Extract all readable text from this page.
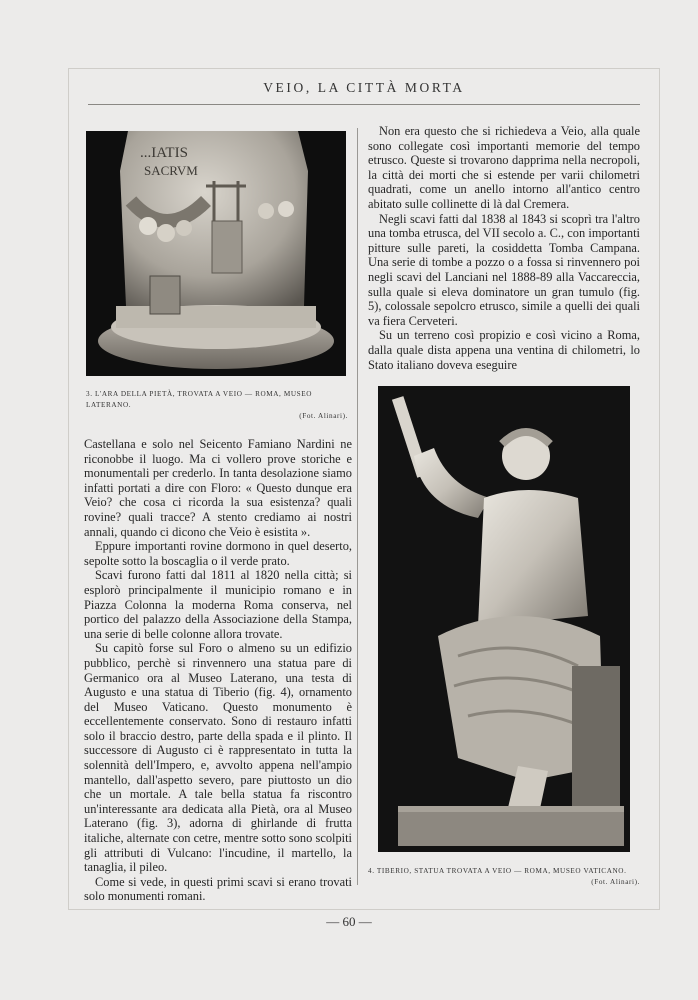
VEIO, LA CITTÀ MORTA
...IATIS
SACRVM
3. L'ARA DELLA PIETÀ, TROVATA A VEIO — ROMA, MUSEO LATERANO.
(Fot. Alinari).
4. TIBERIO, STATUA TROVATA A VEIO — ROMA, MUSEO VATICANO.
(Fot. Alinari).

Non era questo che si richiedeva a Veio, alla quale sono collegate così importanti memorie del tempo etrusco. Queste si trovarono dapprima nella necropoli, la città dei morti che si estende per varii chilometri quadrati, come un anello intorno all'antico centro abitato sulle collinette di là dal Cremera.

Negli scavi fatti dal 1838 al 1843 si scoprì tra l'altro una tomba etrusca, del VII secolo a. C., con importanti pitture sulle pareti, la cosiddetta Tomba Campana. Una serie di tombe a pozzo o a fossa si rinvennero poi negli scavi del Lanciani nel 1888-89 alla Vaccareccia, sulla quale si eleva dominatore un gran tumulo (fig. 5), colossale sepolcro etrusco, simile a quelli dei quali va fiera Cerveteri.

Su un terreno così propizio e così vicino a Roma, dalla quale dista appena una ventina di chilometri, lo Stato italiano doveva eseguire

Castellana e solo nel Seicento Famiano Nardini ne riconobbe il luogo. Ma ci vollero prove storiche e monumentali per crederlo. In tanta desolazione siamo infatti portati a dire con Floro: « Questo dunque era Veio? che cosa ci ricorda la sua esistenza? quali rovine? quali tracce? A stento crediamo ai nostri annali, quando ci dicono che Veio è esistita ».

Eppure importanti rovine dormono in quel deserto, sepolte sotto la boscaglia o il verde prato.

Scavi furono fatti dal 1811 al 1820 nella città; si esplorò principalmente il municipio romano e in Piazza Colonna la moderna Roma conserva, nel portico del palazzo della Associazione della Stampa, una serie di belle colonne allora trovate.

Su capitò forse sul Foro o almeno su un edifizio pubblico, perchè si rinvennero una statua pare di Germanico ora al Museo Laterano, una testa di Augusto e una statua di Tiberio (fig. 4), ornamento del Museo Vaticano. Questo monumento è eccellentemente conservato. Sono di restauro infatti solo il braccio destro, parte della spada e il plinto. Il successore di Augusto ci è rappresentato in tutta la solennità dell'Impero, e, avvolto appena nell'ampio mantello, dall'aspetto severo, pare piuttosto un dio che un mortale. A tale bella statua fa riscontro un'interessante ara dedicata alla Pietà, ora al Museo Laterano (fig. 3), adorna di ghirlande di frutta italiche, alternate con cetre, mentre sotto sono scolpiti gli attributi di Vulcano: l'incudine, il martello, la tanaglia, il pileo.

Come si vede, in questi primi scavi si erano trovati solo monumenti romani.

— 60 —
